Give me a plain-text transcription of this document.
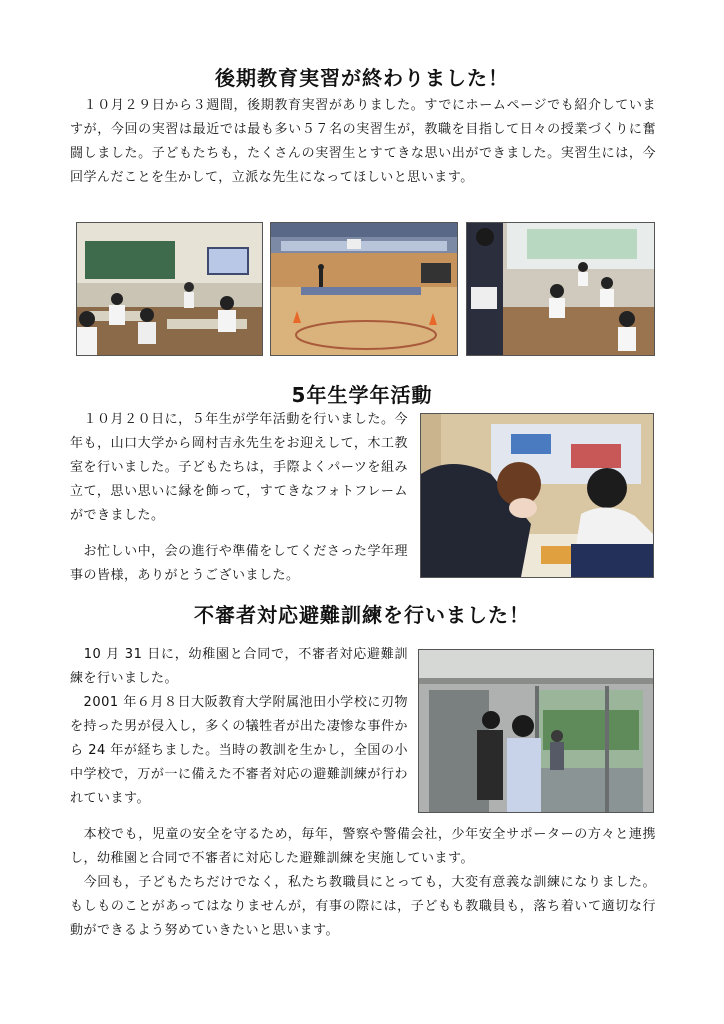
後期教育実習が終わりました！

　１０月２９日から３週間，後期教育実習がありました。すでにホームページでも紹介していますが，今回の実習は最近では最も多い５７名の実習生が，教職を目指して日々の授業づくりに奮闘しました。子どもたちも，たくさんの実習生とすてきな思い出ができました。実習生には，今回学んだことを生かして，立派な先生になってほしいと思います。

5年生学年活動

　１０月２０日に，５年生が学年活動を行いました。今年も，山口大学から岡村吉永先生をお迎えして，木工教室を行いました。子どもたちは，手際よくパーツを組み立て，思い思いに縁を飾って，すてきなフォトフレームができました。

　お忙しい中，会の進行や準備をしてくださった学年理事の皆様，ありがとうございました。

不審者対応避難訓練を行いました！

　10 月 31 日に，幼稚園と合同で，不審者対応避難訓練を行いました。

　2001 年６月８日大阪教育大学附属池田小学校に刃物を持った男が侵入し，多くの犠牲者が出た凄惨な事件から 24 年が経ちました。当時の教訓を生かし，全国の小中学校で，万が一に備えた不審者対応の避難訓練が行われています。

　本校でも，児童の安全を守るため，毎年，警察や警備会社，少年安全サポーターの方々と連携し，幼稚園と合同で不審者に対応した避難訓練を実施しています。

　今回も，子どもたちだけでなく，私たち教職員にとっても，大変有意義な訓練になりました。もしものことがあってはなりませんが，有事の際には，子どもも教職員も，落ち着いて適切な行動ができるよう努めていきたいと思います。
